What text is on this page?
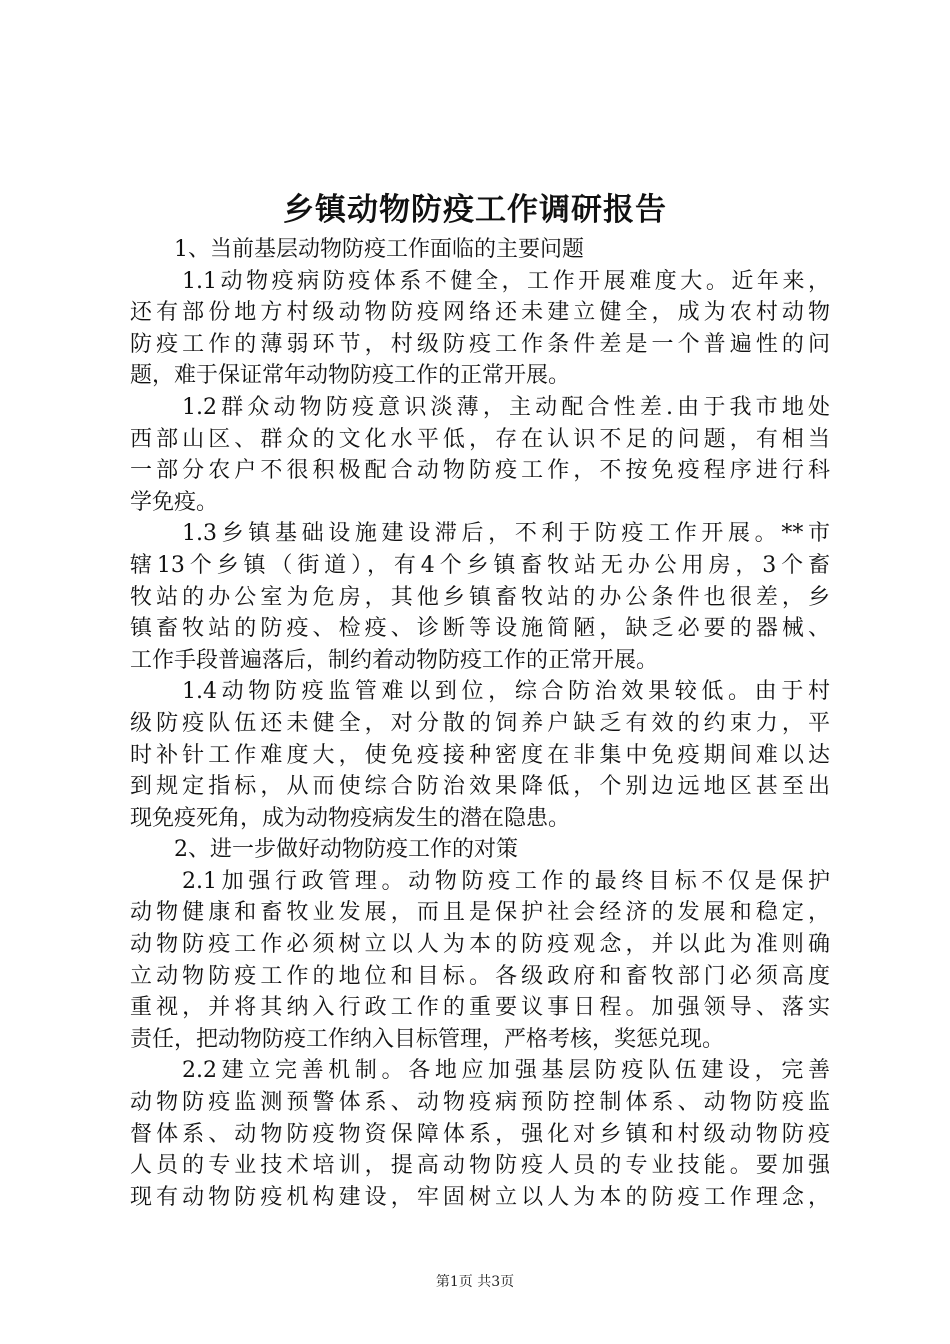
乡镇动物防疫工作调研报告
1、当前基层动物防疫工作面临的主要问题
1.1动物疫病防疫体系不健全，工作开展难度大。近年来，
还有部份地方村级动物防疫网络还未建立健全，成为农村动物
防疫工作的薄弱环节，村级防疫工作条件差是一个普遍性的问
题，难于保证常年动物防疫工作的正常开展。
1.2群众动物防疫意识淡薄，主动配合性差.由于我市地处
西部山区、群众的文化水平低，存在认识不足的问题，有相当
一部分农户不很积极配合动物防疫工作，不按免疫程序进行科
学免疫。
1.3乡镇基础设施建设滞后，不利于防疫工作开展。**市
辖13个乡镇（街道），有4个乡镇畜牧站无办公用房，3个畜
牧站的办公室为危房，其他乡镇畜牧站的办公条件也很差，乡
镇畜牧站的防疫、检疫、诊断等设施简陋，缺乏必要的器械、
工作手段普遍落后，制约着动物防疫工作的正常开展。
1.4动物防疫监管难以到位，综合防治效果较低。由于村
级防疫队伍还未健全，对分散的饲养户缺乏有效的约束力，平
时补针工作难度大，使免疫接种密度在非集中免疫期间难以达
到规定指标，从而使综合防治效果降低，个别边远地区甚至出
现免疫死角，成为动物疫病发生的潜在隐患。
2、进一步做好动物防疫工作的对策
2.1加强行政管理。动物防疫工作的最终目标不仅是保护
动物健康和畜牧业发展，而且是保护社会经济的发展和稳定，
动物防疫工作必须树立以人为本的防疫观念，并以此为准则确
立动物防疫工作的地位和目标。各级政府和畜牧部门必须高度
重视，并将其纳入行政工作的重要议事日程。加强领导、落实
责任，把动物防疫工作纳入目标管理，严格考核，奖惩兑现。
2.2建立完善机制。各地应加强基层防疫队伍建设，完善
动物防疫监测预警体系、动物疫病预防控制体系、动物防疫监
督体系、动物防疫物资保障体系，强化对乡镇和村级动物防疫
人员的专业技术培训，提高动物防疫人员的专业技能。要加强
现有动物防疫机构建设，牢固树立以人为本的防疫工作理念，
第1页 共3页
